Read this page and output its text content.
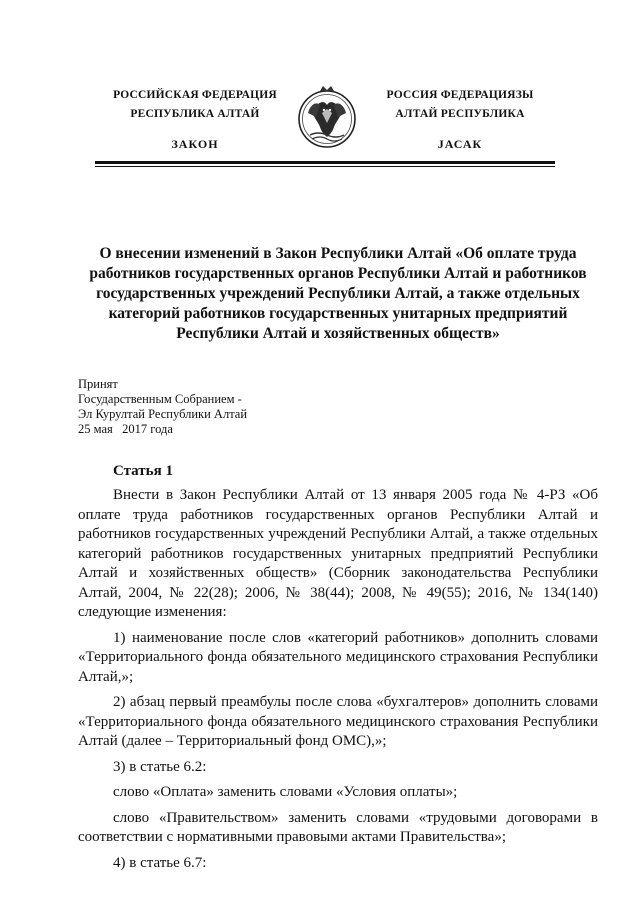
РОССИЙСКАЯ ФЕДЕРАЦИЯ
РЕСПУБЛИКА АЛТАЙ
ЗАКОН
РОССИЯ ФЕДЕРАЦИЯЗЫ
АЛТАЙ РЕСПУБЛИКА
JАСАК
О внесении изменений в Закон Республики Алтай «Об оплате труда работников государственных органов Республики Алтай и работников государственных учреждений Республики Алтай, а также отдельных категорий работников государственных унитарных предприятий Республики Алтай и хозяйственных обществ»
Принят
Государственным Собранием -
Эл Курултай Республики Алтай
25 мая   2017 года
Статья 1

Внести в Закон Республики Алтай от 13 января 2005 года № 4-РЗ «Об оплате труда работников государственных органов Республики Алтай и работников государственных учреждений Республики Алтай, а также отдельных категорий работников государственных унитарных предприятий Республики Алтай и хозяйственных обществ» (Сборник законодательства Республики Алтай, 2004, № 22(28); 2006, № 38(44); 2008, № 49(55); 2016, № 134(140) следующие изменения:

1) наименование после слов «категорий работников» дополнить словами «Территориального фонда обязательного медицинского страхования Республики Алтай,»;

2) абзац первый преамбулы после слова «бухгалтеров» дополнить словами «Территориального фонда обязательного медицинского страхования Республики Алтай (далее – Территориальный фонд ОМС),»;

3) в статье 6.2:

слово «Оплата» заменить словами «Условия оплаты»;

слово «Правительством» заменить словами «трудовыми договорами в соответствии с нормативными правовыми актами Правительства»;

4) в статье 6.7:
